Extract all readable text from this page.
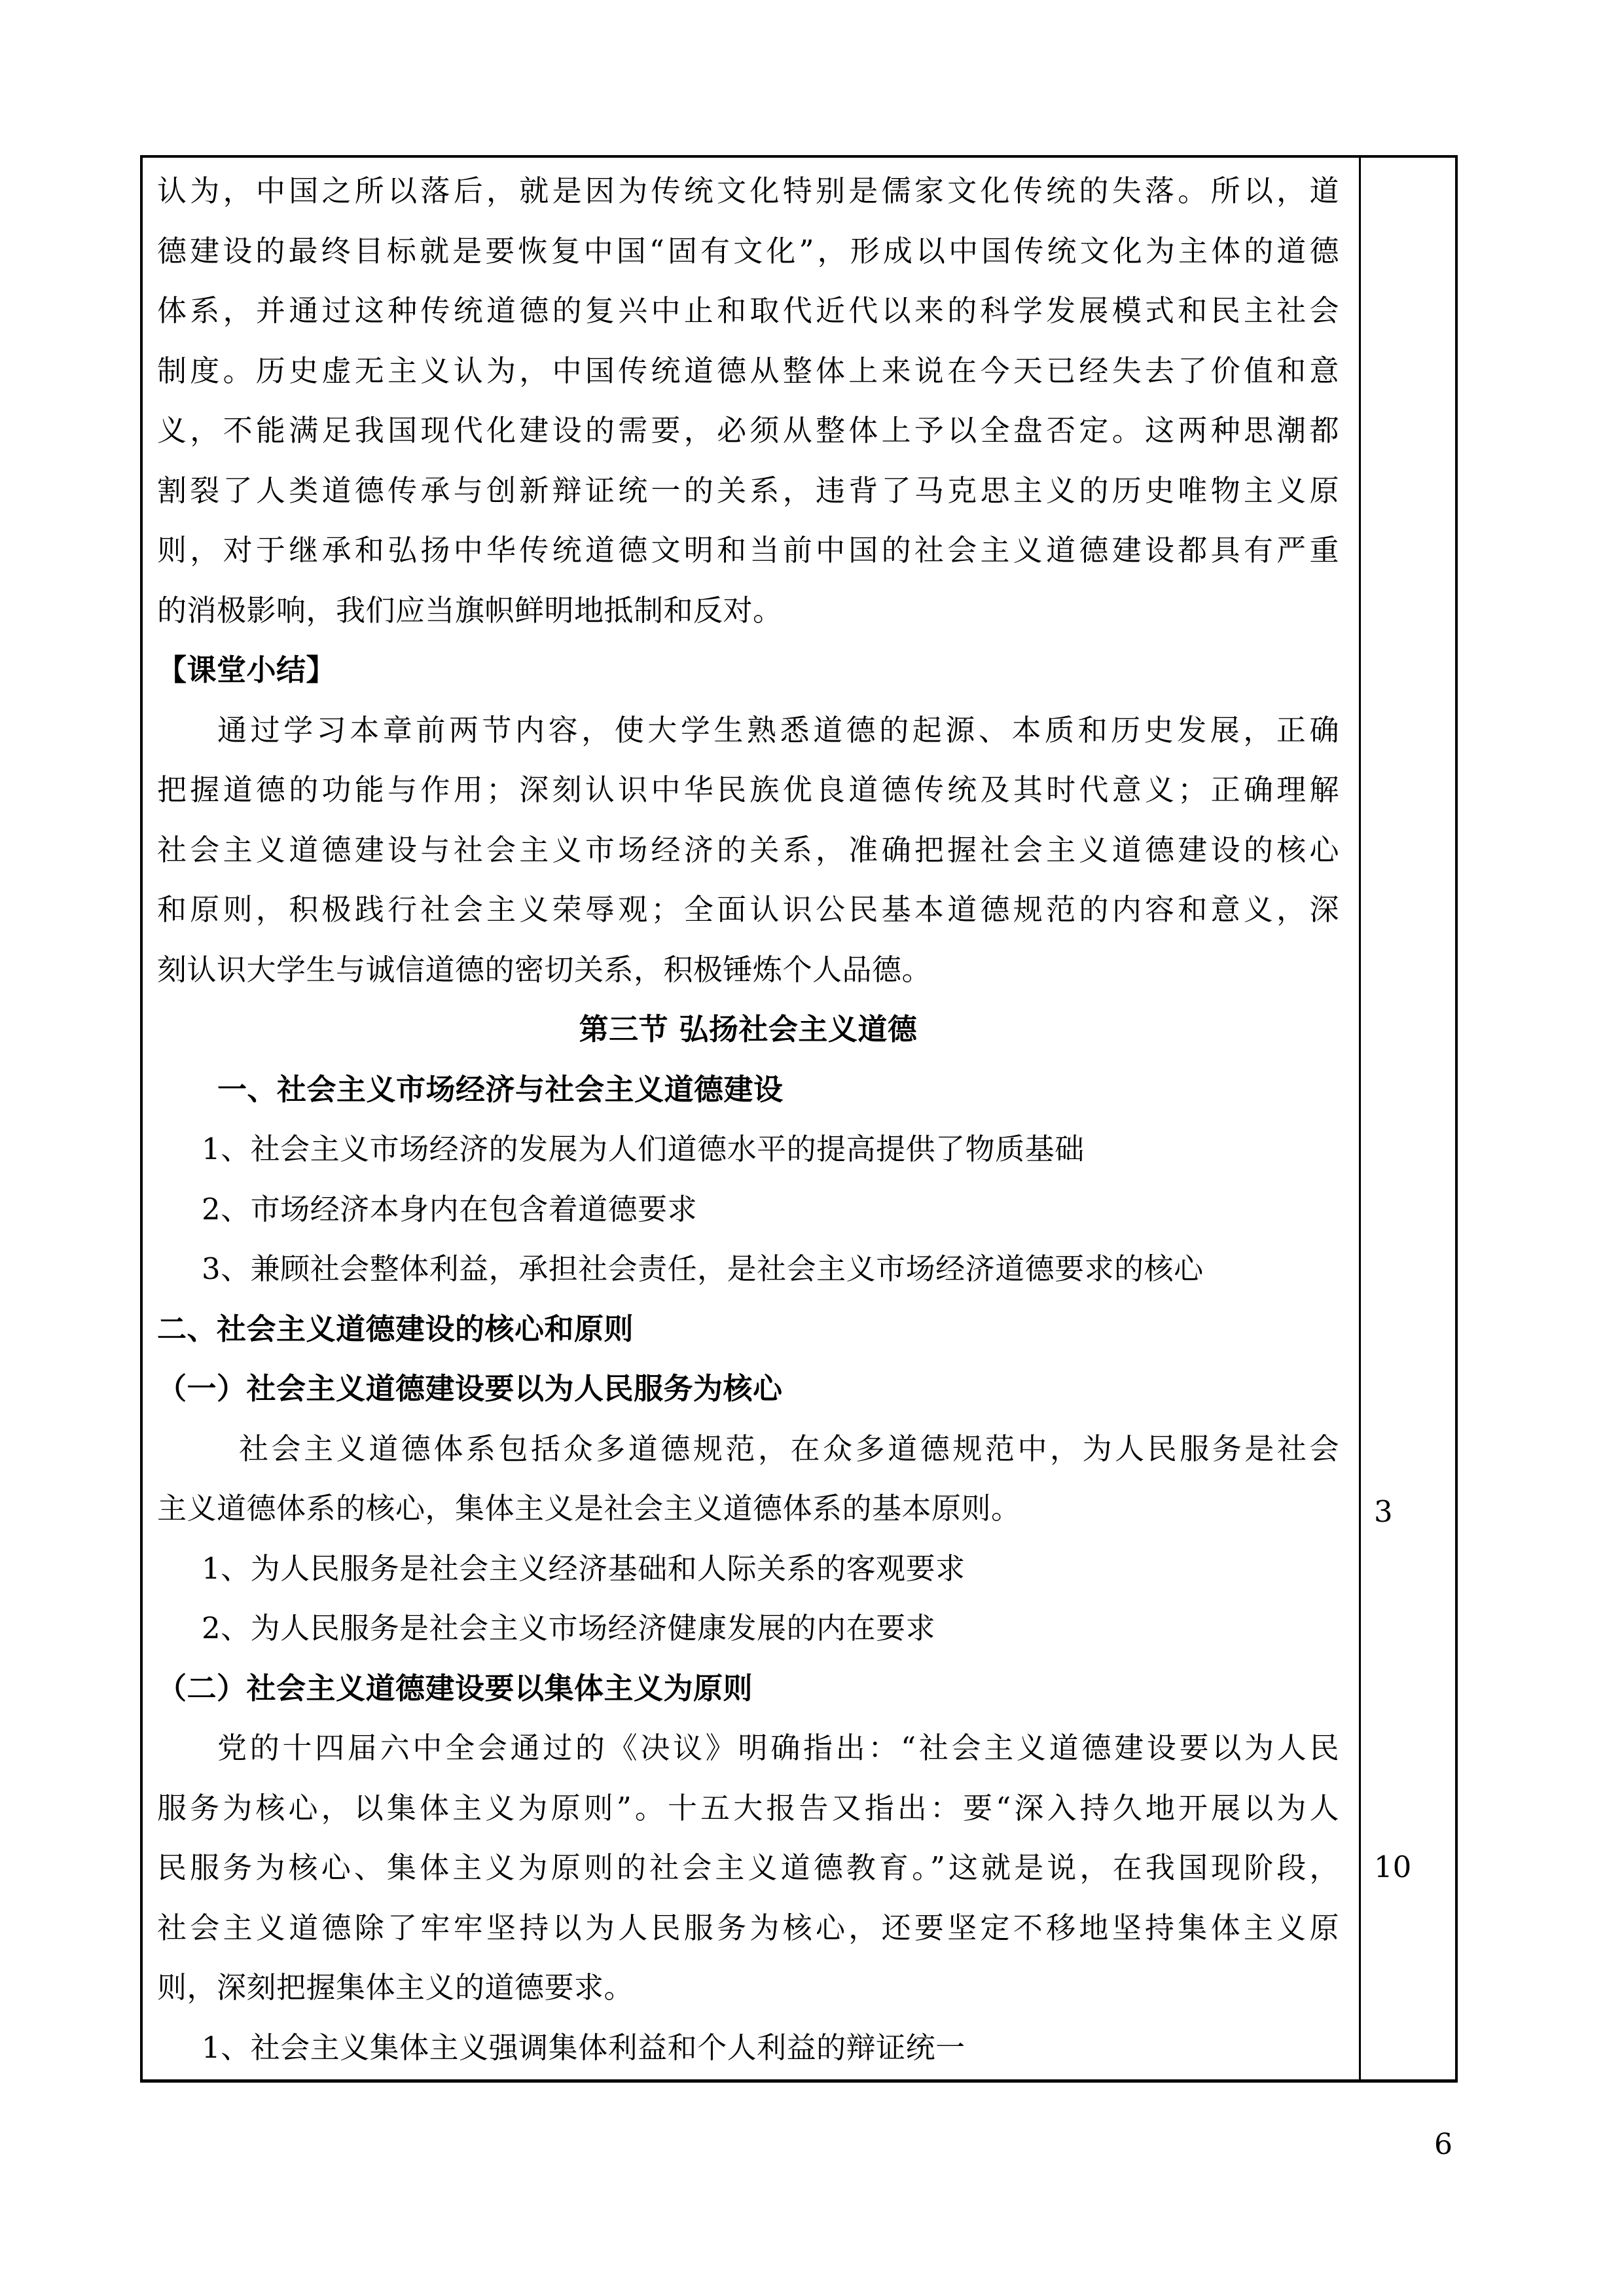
认为，中国之所以落后，就是因为传统文化特别是儒家文化传统的失落。所以，道
德建设的最终目标就是要恢复中国“固有文化”，形成以中国传统文化为主体的道德
体系，并通过这种传统道德的复兴中止和取代近代以来的科学发展模式和民主社会
制度。历史虚无主义认为，中国传统道德从整体上来说在今天已经失去了价值和意
义，不能满足我国现代化建设的需要，必须从整体上予以全盘否定。这两种思潮都
割裂了人类道德传承与创新辩证统一的关系，违背了马克思主义的历史唯物主义原
则，对于继承和弘扬中华传统道德文明和当前中国的社会主义道德建设都具有严重
的消极影响，我们应当旗帜鲜明地抵制和反对。
【课堂小结】
通过学习本章前两节内容，使大学生熟悉道德的起源、本质和历史发展，正确
把握道德的功能与作用；深刻认识中华民族优良道德传统及其时代意义；正确理解
社会主义道德建设与社会主义市场经济的关系，准确把握社会主义道德建设的核心
和原则，积极践行社会主义荣辱观；全面认识公民基本道德规范的内容和意义，深
刻认识大学生与诚信道德的密切关系，积极锤炼个人品德。
第三节 弘扬社会主义道德
一、社会主义市场经济与社会主义道德建设
1、社会主义市场经济的发展为人们道德水平的提高提供了物质基础
2、市场经济本身内在包含着道德要求
3、兼顾社会整体利益，承担社会责任，是社会主义市场经济道德要求的核心
二、社会主义道德建设的核心和原则
（一）社会主义道德建设要以为人民服务为核心
社会主义道德体系包括众多道德规范，在众多道德规范中，为人民服务是社会
主义道德体系的核心，集体主义是社会主义道德体系的基本原则。
1、为人民服务是社会主义经济基础和人际关系的客观要求
2、为人民服务是社会主义市场经济健康发展的内在要求
（二）社会主义道德建设要以集体主义为原则
党的十四届六中全会通过的《决议》明确指出：“社会主义道德建设要以为人民
服务为核心，以集体主义为原则”。十五大报告又指出：要“深入持久地开展以为人
民服务为核心、集体主义为原则的社会主义道德教育。”这就是说，在我国现阶段，
社会主义道德除了牢牢坚持以为人民服务为核心，还要坚定不移地坚持集体主义原
则，深刻把握集体主义的道德要求。
1、社会主义集体主义强调集体利益和个人利益的辩证统一
3
10
6
